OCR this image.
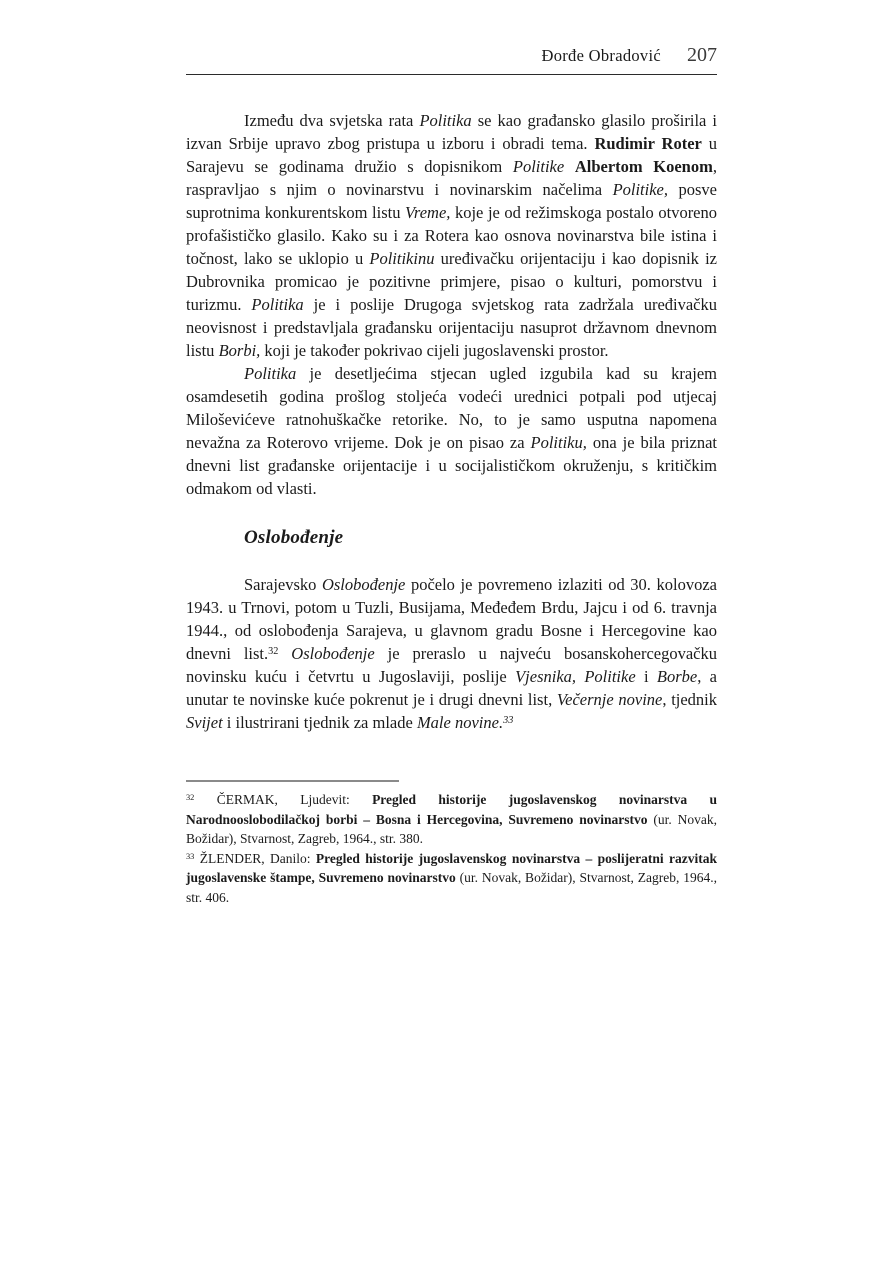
Đorđe Obradović 207

Između dva svjetska rata Politika se kao građansko glasilo proširila i izvan Srbije upravo zbog pristupa u izboru i obradi tema. Rudimir Roter u Sarajevu se godinama družio s dopisnikom Politike Albertom Koenom, raspravljao s njim o novinarstvu i novinarskim načelima Politike, posve suprotnima konkurentskom listu Vreme, koje je od režimskoga postalo otvoreno profašističko glasilo. Kako su i za Rotera kao osnova novinarstva bile istina i točnost, lako se uklopio u Politikinu uređivačku orijentaciju i kao dopisnik iz Dubrovnika promicao je pozitivne primjere, pisao o kulturi, pomorstvu i turizmu. Politika je i poslije Drugoga svjetskog rata zadržala uređivačku neovisnost i predstavljala građansku orijentaciju nasuprot državnom dnevnom listu Borbi, koji je također pokrivao cijeli jugoslavenski prostor.

Politika je desetljećima stjecan ugled izgubila kad su krajem osamdesetih godina prošlog stoljeća vodeći urednici potpali pod utjecaj Miloševićeve ratnohuškačke retorike. No, to je samo usputna napomena nevažna za Roterovo vrijeme. Dok je on pisao za Politiku, ona je bila priznat dnevni list građanske orijentacije i u socijalističkom okruženju, s kritičkim odmakom od vlasti.

Oslobođenje

Sarajevsko Oslobođenje počelo je povremeno izlaziti od 30. kolovoza 1943. u Trnovi, potom u Tuzli, Busijama, Međeđem Brdu, Jajcu i od 6. travnja 1944., od oslobođenja Sarajeva, u glavnom gradu Bosne i Hercegovine kao dnevni list.$^{32}$ Oslobođenje je preraslo u najveću bosanskohercegovačku novinsku kuću i četvrtu u Jugoslaviji, poslije Vjesnika, Politike i Borbe, a unutar te novinske kuće pokrenut je i drugi dnevni list, Večernje novine, tjednik Svijet i ilustrirani tjednik za mlade Male novine.$^{33}$

$^{32}$ ČERMAK, Ljudevit: Pregled historije jugoslavenskog novinarstva u Narodnooslobodilačkoj borbi – Bosna i Hercegovina, Suvremeno novinarstvo (ur. Novak, Božidar), Stvarnost, Zagreb, 1964., str. 380.

$^{33}$ ŽLENDER, Danilo: Pregled historije jugoslavenskog novinarstva – poslijeratni razvitak jugoslavenske štampe, Suvremeno novinarstvo (ur. Novak, Božidar), Stvarnost, Zagreb, 1964., str. 406.
